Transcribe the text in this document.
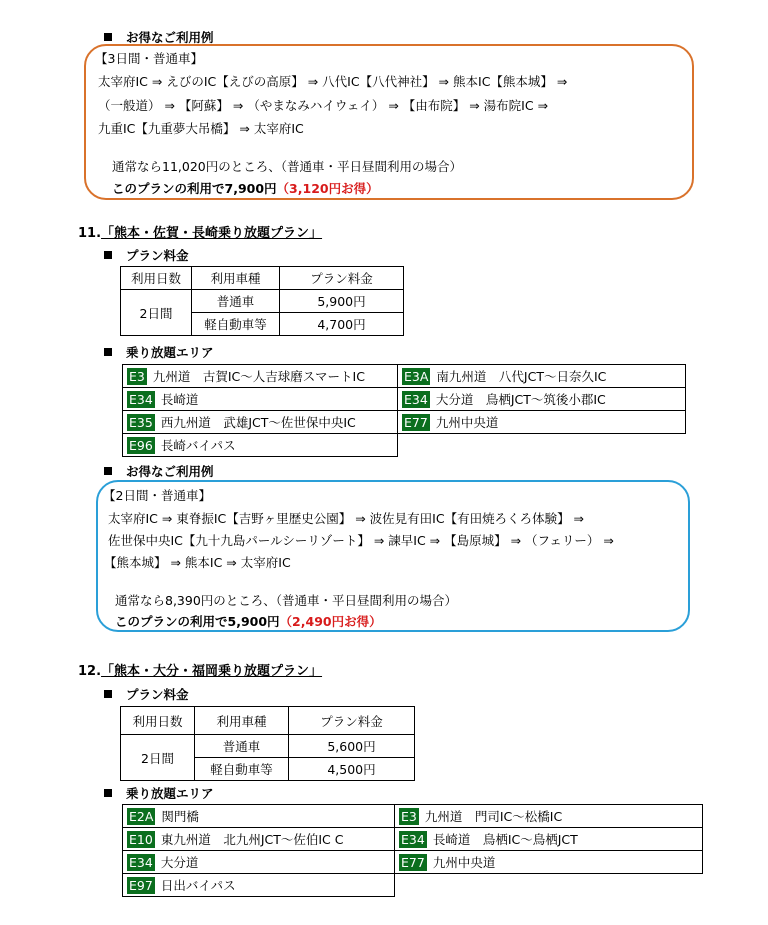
お得なご利用例
【3日間・普通車】
太宰府IC ⇒ えびのIC【えびの高原】 ⇒ 八代IC【八代神社】 ⇒ 熊本IC【熊本城】 ⇒
（一般道） ⇒ 【阿蘇】 ⇒ （やまなみハイウェイ） ⇒ 【由布院】 ⇒ 湯布院IC ⇒
九重IC【九重夢大吊橋】 ⇒ 太宰府IC
通常なら11,020円のところ、（普通車・平日昼間利用の場合）
このプランの利用で7,900円（3,120円お得）
11.「熊本・佐賀・長崎乗り放題プラン」
プラン料金
利用日数	利用車種	プラン料金
2日間	普通車	5,900円
	軽自動車等	4,700円
乗り放題エリア
E3 九州道　古賀IC～人吉球磨スマートIC	E3A 南九州道　八代JCT～日奈久IC
E34 長崎道	E34 大分道　鳥栖JCT～筑後小郡IC
E35 西九州道　武雄JCT～佐世保中央IC	E77 九州中央道
E96 長崎バイパス	
お得なご利用例
【2日間・普通車】
太宰府IC ⇒ 東脊振IC【吉野ヶ里歴史公園】 ⇒ 波佐見有田IC【有田焼ろくろ体験】 ⇒
佐世保中央IC【九十九島パールシーリゾート】 ⇒ 諫早IC ⇒ 【島原城】 ⇒ （フェリー） ⇒
【熊本城】 ⇒ 熊本IC ⇒ 太宰府IC
通常なら8,390円のところ、（普通車・平日昼間利用の場合）
このプランの利用で5,900円（2,490円お得）
12.「熊本・大分・福岡乗り放題プラン」
プラン料金
利用日数	利用車種	プラン料金
2日間	普通車	5,600円
	軽自動車等	4,500円
乗り放題エリア
E2A 関門橋	E3 九州道　門司IC～松橋IC
E10 東九州道　北九州JCT～佐伯IC C	E34 長崎道　鳥栖IC～鳥栖JCT
E34 大分道	E77 九州中央道
E97 日出バイパス	
